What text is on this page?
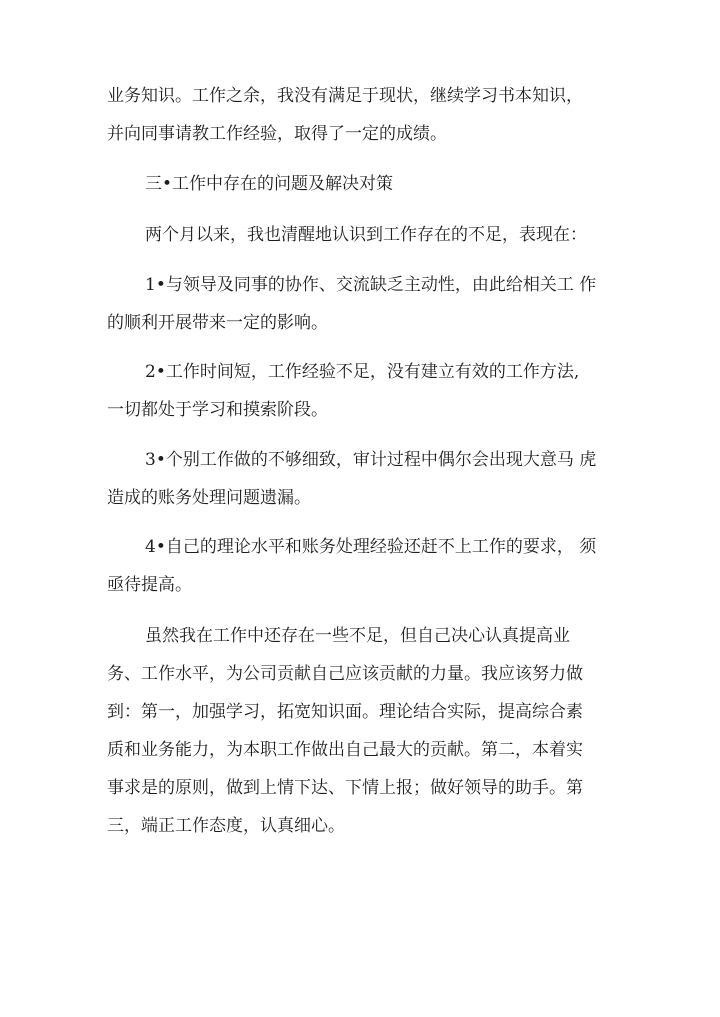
业务知识。工作之余，我没有满足于现状，继续学习书本知识，
并向同事请教工作经验，取得了一定的成绩。
三•工作中存在的问题及解决对策
两个月以来，我也清醒地认识到工作存在的不足，表现在：
1•与领导及同事的协作、交流缺乏主动性，由此给相关工 作
的顺利开展带来一定的影响。
2•工作时间短，工作经验不足，没有建立有效的工作方法,
一切都处于学习和摸索阶段。
3•个别工作做的不够细致，审计过程中偶尔会出现大意马 虎
造成的账务处理问题遗漏。
4•自己的理论水平和账务处理经验还赶不上工作的要求， 须
亟待提高。
虽然我在工作中还存在一些不足，但自己决心认真提高业
务、工作水平，为公司贡献自己应该贡献的力量。我应该努力做
到：第一，加强学习，拓宽知识面。理论结合实际，提高综合素
质和业务能力，为本职工作做出自己最大的贡献。第二，本着实
事求是的原则，做到上情下达、下情上报；做好领导的助手。第
三，端正工作态度，认真细心。
